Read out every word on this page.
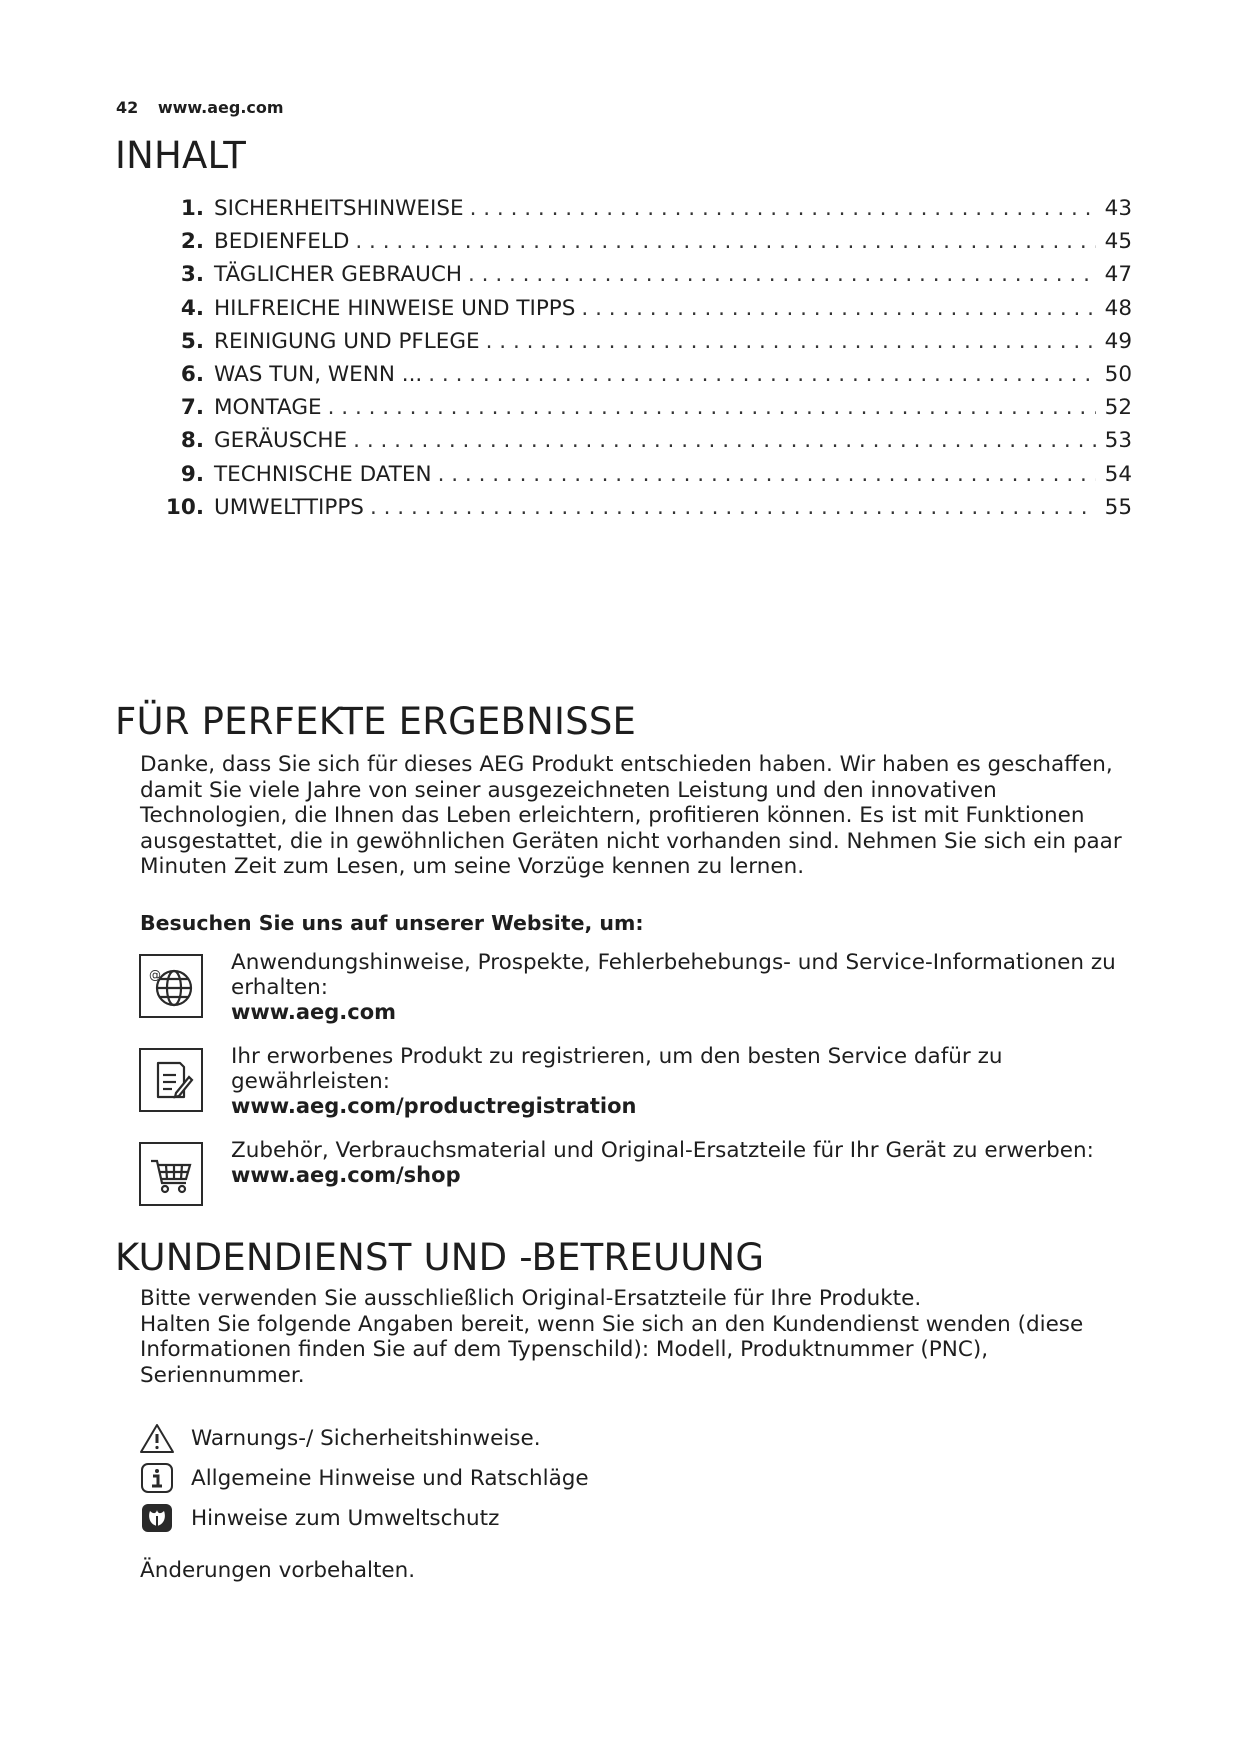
42 www.aeg.com
INHALT
1. SICHERHEITSHINWEISE . . .	43
2. BEDIENFELD . . .	45
3. TÄGLICHER GEBRAUCH . . .	47
4. HILFREICHE HINWEISE UND TIPPS . . .	48
5. REINIGUNG UND PFLEGE . . .	49
6. WAS TUN, WENN ... . . .	50
7. MONTAGE . . .	52
8. GERÄUSCHE . . .	53
9. TECHNISCHE DATEN . . .	54
10. UMWELTTIPPS . . .	55
FÜR PERFEKTE ERGEBNISSE
Danke, dass Sie sich für dieses AEG Produkt entschieden haben. Wir haben es geschaffen, damit Sie viele Jahre von seiner ausgezeichneten Leistung und den innovativen Technologien, die Ihnen das Leben erleichtern, profitieren können. Es ist mit Funktionen ausgestattet, die in gewöhnlichen Geräten nicht vorhanden sind. Nehmen Sie sich ein paar Minuten Zeit zum Lesen, um seine Vorzüge kennen zu lernen.
Besuchen Sie uns auf unserer Website, um:
@	Anwendungshinweise, Prospekte, Fehlerbehebungs- und Service-Informationen zu erhalten:
www.aeg.com
Ihr erworbenes Produkt zu registrieren, um den besten Service dafür zu gewährleisten:
www.aeg.com/productregistration
Zubehör, Verbrauchsmaterial und Original-Ersatzteile für Ihr Gerät zu erwerben:
www.aeg.com/shop
KUNDENDIENST UND -BETREUUNG
Bitte verwenden Sie ausschließlich Original-Ersatzteile für Ihre Produkte.
Halten Sie folgende Angaben bereit, wenn Sie sich an den Kundendienst wenden (diese Informationen finden Sie auf dem Typenschild): Modell, Produktnummer (PNC), Seriennummer.
Warnungs-/ Sicherheitshinweise.
Allgemeine Hinweise und Ratschläge
Hinweise zum Umweltschutz
Änderungen vorbehalten.
